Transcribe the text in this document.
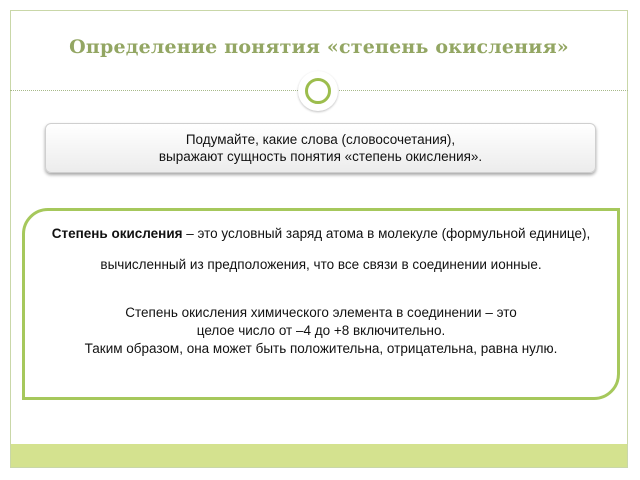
Определение понятия «степень окисления»
Подумайте, какие слова (словосочетания),
выражают сущность понятия «степень окисления».
Степень окисления – это условный заряд атома в молекуле (формульной единице),
вычисленный из предположения, что все связи в соединении ионные.
Степень окисления химического элемента в соединении – это
целое число от –4 до +8 включительно.
Таким образом, она может быть положительна, отрицательна, равна нулю.
